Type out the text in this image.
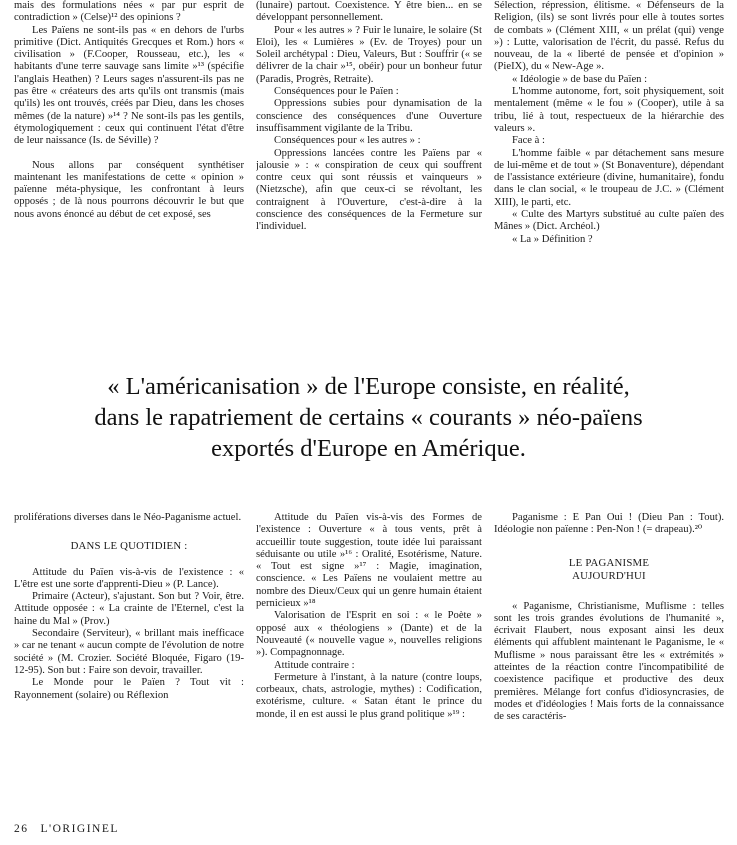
mais des formulations nées « par pur esprit de contradiction » (Celse)¹² des opinions ?

Les Païens ne sont-ils pas « en dehors de l'urbs primitive (Dict. Antiquités Grecques et Rom.) hors « civilisation » (F.Cooper, Rousseau, etc.), les « habitants d'une terre sauvage sans limite »¹³ (spécifie l'anglais Heathen) ? Leurs sages n'assurent-ils pas ne pas être « créateurs des arts qu'ils ont transmis (mais qu'ils) les ont trouvés, créés par Dieu, dans les choses mêmes (de la nature) »¹⁴ ? Ne sont-ils pas les gentils, étymologiquement : ceux qui continuent l'état d'être de leur naissance (Is. de Séville) ?

Nous allons par conséquent synthétiser maintenant les manifestations de cette « opinion » païenne méta-physique, les confrontant à leurs opposés ; de là nous pourrons découvrir le but que nous avons énoncé au début de cet exposé, ses

(lunaire) partout. Coexistence. Y être bien... en se développant personnellement.

Pour « les autres » ? Fuir le lunaire, le solaire (St Eloi), les « Lumières » (Ev. de Troyes) pour un Soleil archétypal : Dieu, Valeurs, But : Souffrir (« se délivrer de la chair »¹⁵, obéir) pour un bonheur futur (Paradis, Progrès, Retraite).

Conséquences pour le Païen :

Oppressions subies pour dynamisation de la conscience des conséquences d'une Ouverture insuffisamment vigilante de la Tribu.

Conséquences pour « les autres » :

Oppressions lancées contre les Païens par « jalousie » : « conspiration de ceux qui souffrent contre ceux qui sont réussis et vainqueurs » (Nietzsche), afin que ceux-ci se révoltant, les contraignent à l'Ouverture, c'est-à-dire à la conscience des conséquences de la Fermeture sur l'individuel.

Sélection, répression, élitisme. « Défenseurs de la Religion, (ils) se sont livrés pour elle à toutes sortes de combats » (Clément XIII, « un prélat (qui) venge ») : Lutte, valorisation de l'écrit, du passé. Refus du nouveau, de la « liberté de pensée et d'opinion » (PieIX), du « New-Age ».

« Idéologie » de base du Païen :

L'homme autonome, fort, soit physiquement, soit mentalement (même « le fou » (Cooper), utile à sa tribu, lié à tout, respectueux de la hiérarchie des valeurs ».

Face à :

L'homme faible « par détachement sans mesure de lui-même et de tout » (St Bonaventure), dépendant de l'assistance extérieure (divine, humanitaire), fondu dans le clan social, « le troupeau de J.C. » (Clément XIII), le parti, etc.

« Culte des Martyrs substitué au culte païen des Mânes » (Dict. Archéol.)

« La » Définition ?

« L'américanisation » de l'Europe consiste, en réalité,
dans le rapatriement de certains « courants » néo-païens
exportés d'Europe en Amérique.

proliférations diverses dans le Néo-Paganisme actuel.

DANS LE QUOTIDIEN :

Attitude du Païen vis-à-vis de l'existence : « L'être est une sorte d'apprenti-Dieu » (P. Lance).

Primaire (Acteur), s'ajustant. Son but ? Voir, être. Attitude opposée : « La crainte de l'Eternel, c'est la haine du Mal » (Prov.)

Secondaire (Serviteur), « brillant mais inefficace » car ne tenant « aucun compte de l'évolution de notre société » (M. Crozier. Société Bloquée, Figaro (19-12-95). Son but : Faire son devoir, travailler.

Le Monde pour le Païen ? Tout vit : Rayonnement (solaire) ou Réflexion

Attitude du Païen vis-à-vis des Formes de l'existence : Ouverture « à tous vents, prêt à accueillir toute suggestion, toute idée lui paraissant séduisante ou utile »¹⁶ : Oralité, Esotérisme, Nature. « Tout est signe »¹⁷ : Magie, imagination, conscience. « Les Païens ne voulaient mettre au nombre des Dieux/Ceux qui un genre humain étaient pernicieux »¹⁸

Valorisation de l'Esprit en soi : « le Poète » opposé aux « théologiens » (Dante) et de la Nouveauté (« nouvelle vague », nouvelles religions »). Compagnonnage.

Attitude contraire :

Fermeture à l'instant, à la nature (contre loups, corbeaux, chats, astrologie, mythes) : Codification, exotérisme, culture. « Satan étant le prince du monde, il en est aussi le plus grand politique »¹⁹ :

Paganisme : E Pan Oui ! (Dieu Pan : Tout). Idéologie non païenne : Pen-Non ! (= drapeau).²⁰

LE PAGANISME
AUJOURD'HUI

« Paganisme, Christianisme, Muflisme : telles sont les trois grandes évolutions de l'humanité », écrivait Flaubert, nous exposant ainsi les deux éléments qui affublent maintenant le Paganisme, le « Muflisme » nous paraissant être les « extrémités » atteintes de la réaction contre l'incompatibilité de coexistence pacifique et productive des deux premières. Mélange fort confus d'idiosyncrasies, de modes et d'idéologies ! Mais forts de la connaissance de ses caractéris-

26 L'ORIGINEL
